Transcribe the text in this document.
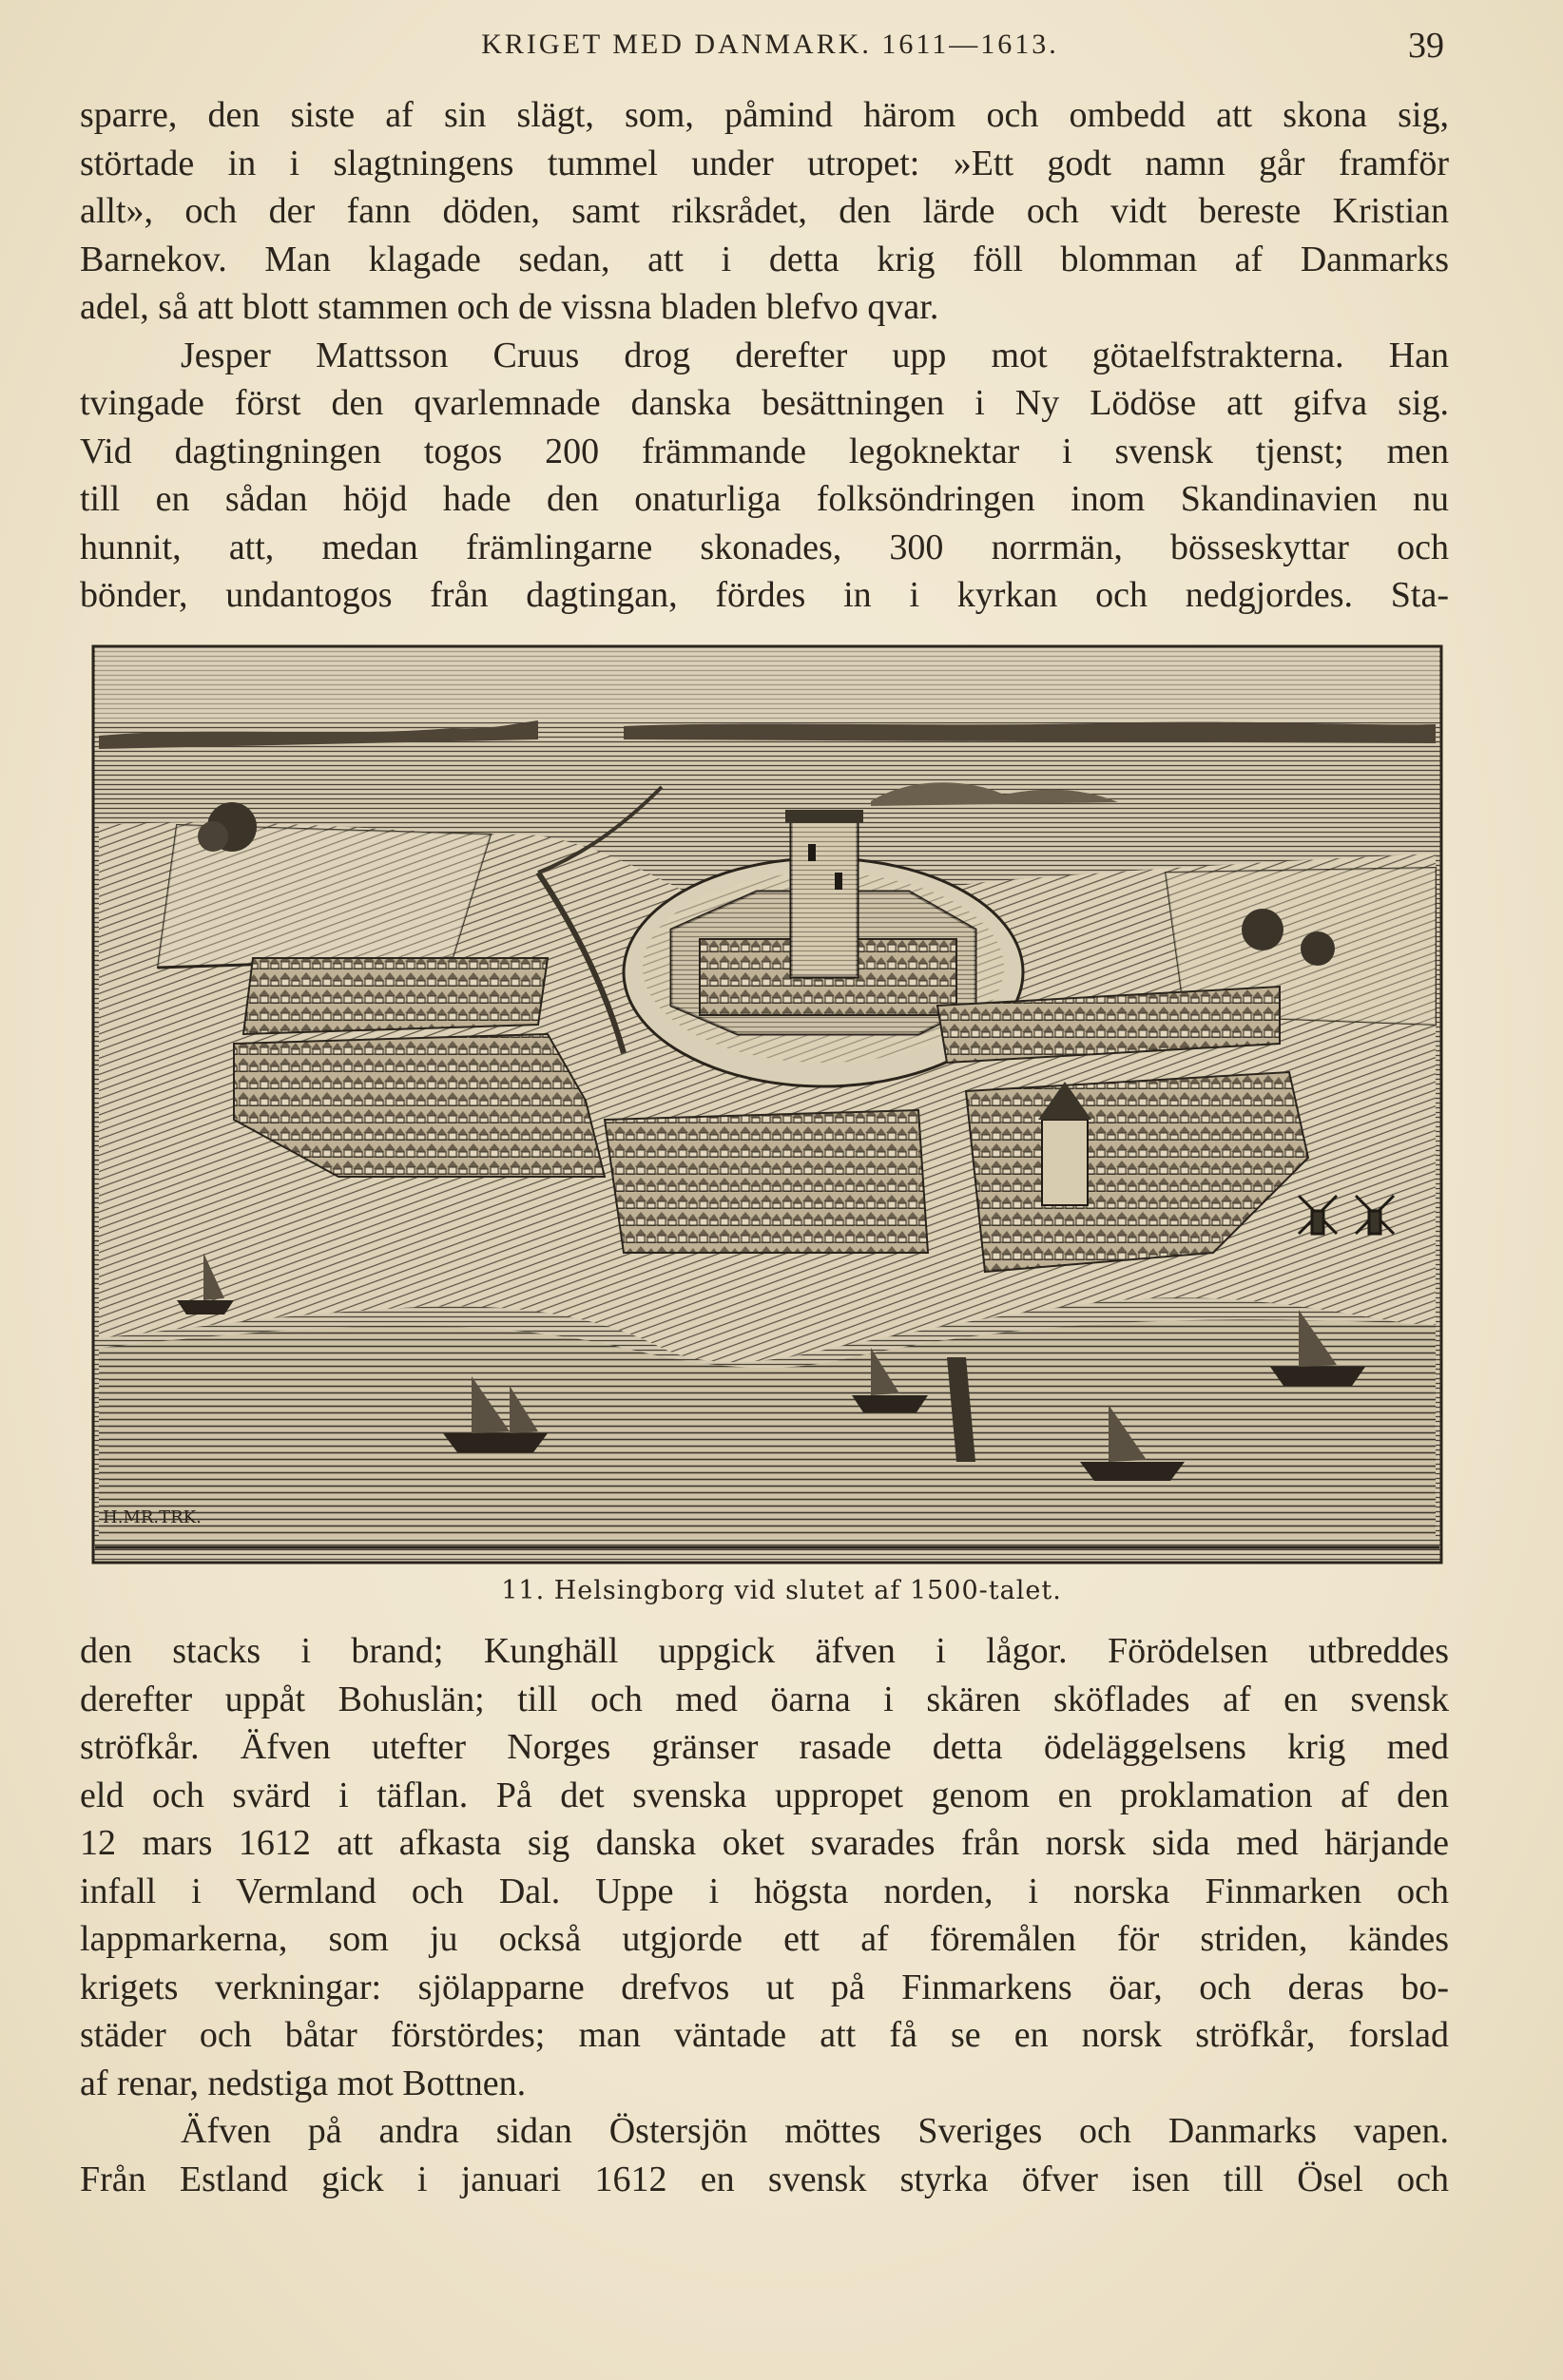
KRIGET MED DANMARK. 1611—1613.	39
sparre, den siste af sin slägt, som, påmind härom och ombedd att skona sig,
störtade in i slagtningens tummel under utropet: »Ett godt namn går framför
allt», och der fann döden, samt riksrådet, den lärde och vidt bereste Kristian
Barnekov. Man klagade sedan, att i detta krig föll blomman af Danmarks
adel, så att blott stammen och de vissna bladen blefvo qvar.
Jesper Mattsson Cruus drog derefter upp mot götaelfstrakterna. Han
tvingade först den qvarlemnade danska besättningen i Ny Lödöse att gifva sig.
Vid dagtingningen togos 200 främmande legoknektar i svensk tjenst; men
till en sådan höjd hade den onaturliga folksöndringen inom Skandinavien nu
hunnit, att, medan främlingarne skonades, 300 norrmän, bösseskyttar och
bönder, undantogos från dagtingan, fördes in i kyrkan och nedgjordes. Sta-
H.MR.TRK.
11. Helsingborg vid slutet af 1500-talet.
den stacks i brand; Kunghäll uppgick äfven i lågor. Förödelsen utbreddes
derefter uppåt Bohuslän; till och med öarna i skären sköflades af en svensk
ströfkår. Äfven utefter Norges gränser rasade detta ödeläggelsens krig med
eld och svärd i täflan. På det svenska uppropet genom en proklamation af den
12 mars 1612 att afkasta sig danska oket svarades från norsk sida med härjande
infall i Vermland och Dal. Uppe i högsta norden, i norska Finmarken och
lappmarkerna, som ju också utgjorde ett af föremålen för striden, kändes
krigets verkningar: sjölapparne drefvos ut på Finmarkens öar, och deras bo-
städer och båtar förstördes; man väntade att få se en norsk ströfkår, forslad
af renar, nedstiga mot Bottnen.
Äfven på andra sidan Östersjön möttes Sveriges och Danmarks vapen.
Från Estland gick i januari 1612 en svensk styrka öfver isen till Ösel och
